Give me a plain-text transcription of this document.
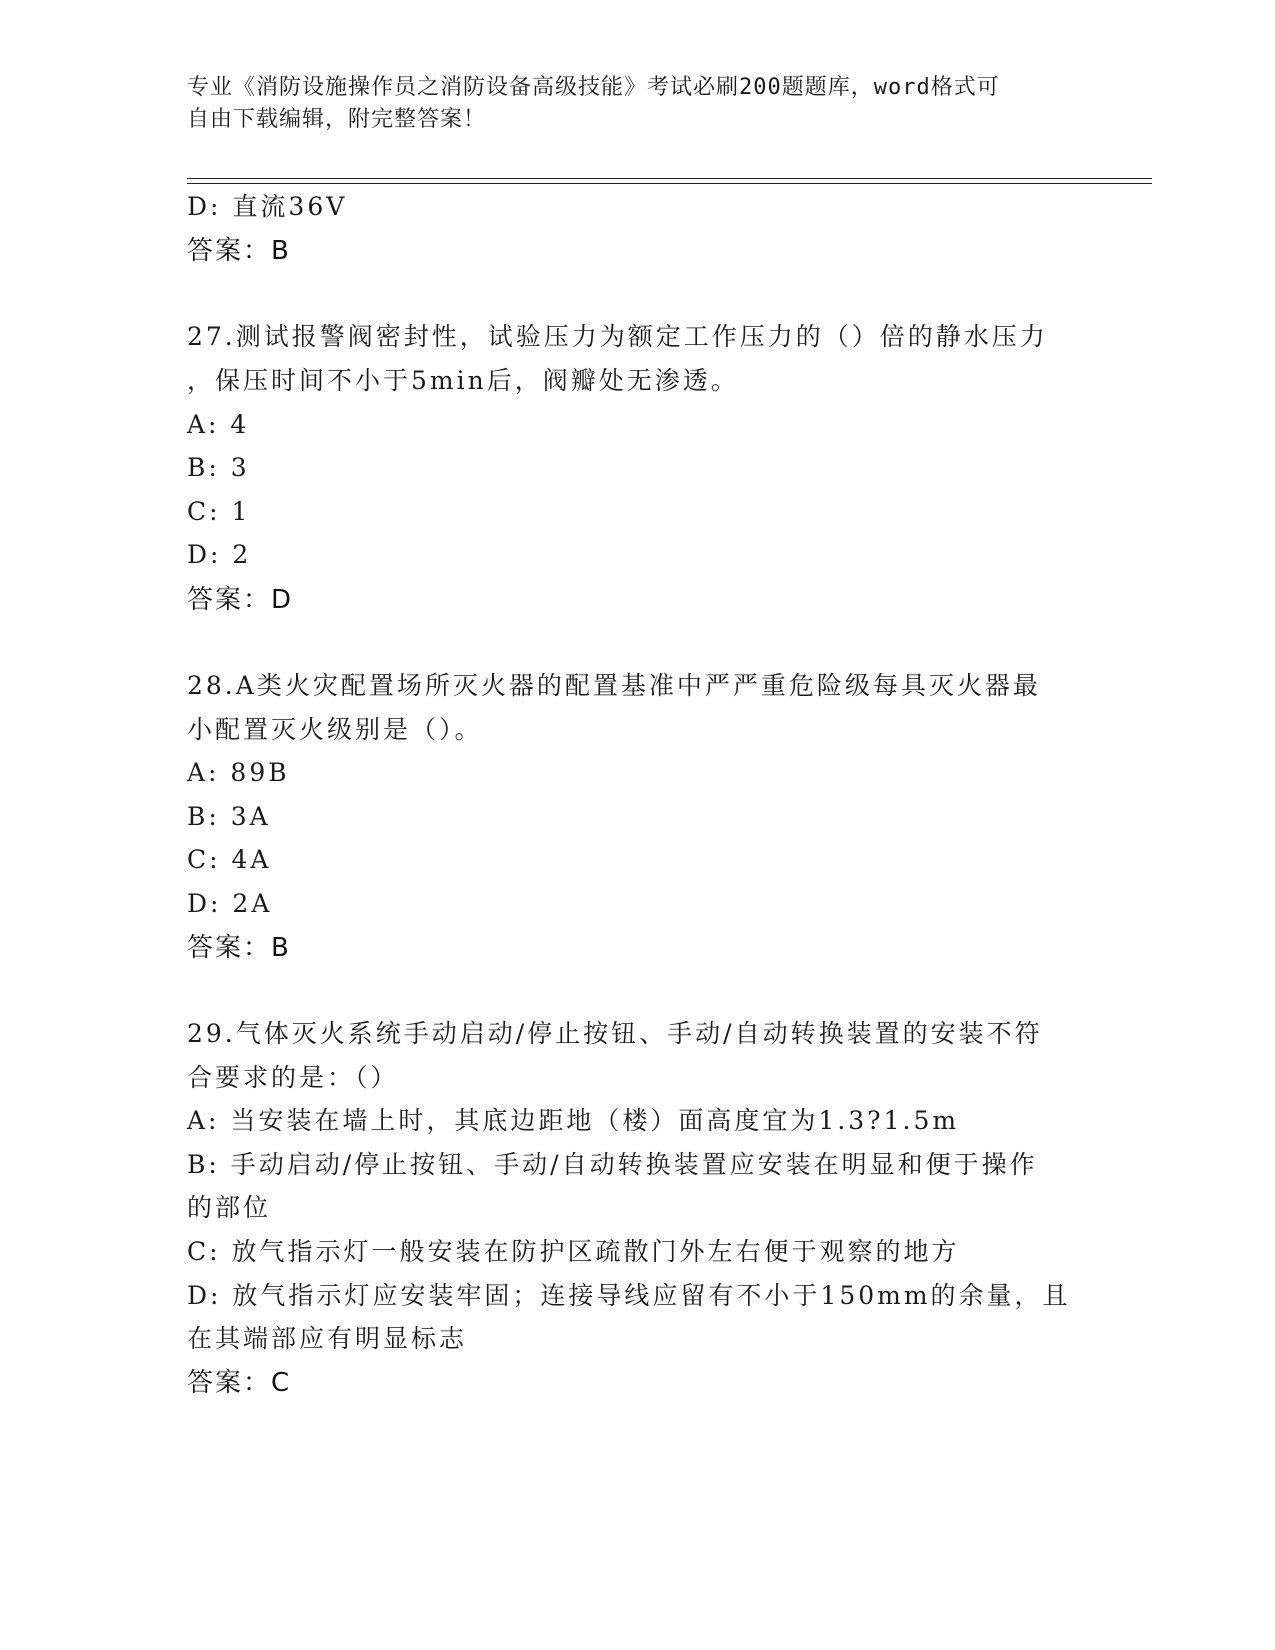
专业《消防设施操作员之消防设备高级技能》考试必刷200题题库，word格式可
自由下载编辑，附完整答案！
D: 直流36V
答案：B
27.测试报警阀密封性，试验压力为额定工作压力的（）倍的静水压力
，保压时间不小于5min后，阀瓣处无渗透。
A: 4
B: 3
C: 1
D: 2
答案：D
28.A类火灾配置场所灭火器的配置基准中严严重危险级每具灭火器最
小配置灭火级别是（）。
A: 89B
B: 3A
C: 4A
D: 2A
答案：B
29.气体灭火系统手动启动/停止按钮、手动/自动转换装置的安装不符
合要求的是：（）
A: 当安装在墙上时，其底边距地（楼）面高度宜为1.3?1.5m
B: 手动启动/停止按钮、手动/自动转换装置应安装在明显和便于操作
的部位
C: 放气指示灯一般安装在防护区疏散门外左右便于观察的地方
D: 放气指示灯应安装牢固；连接导线应留有不小于150mm的余量，且
在其端部应有明显标志
答案：C
